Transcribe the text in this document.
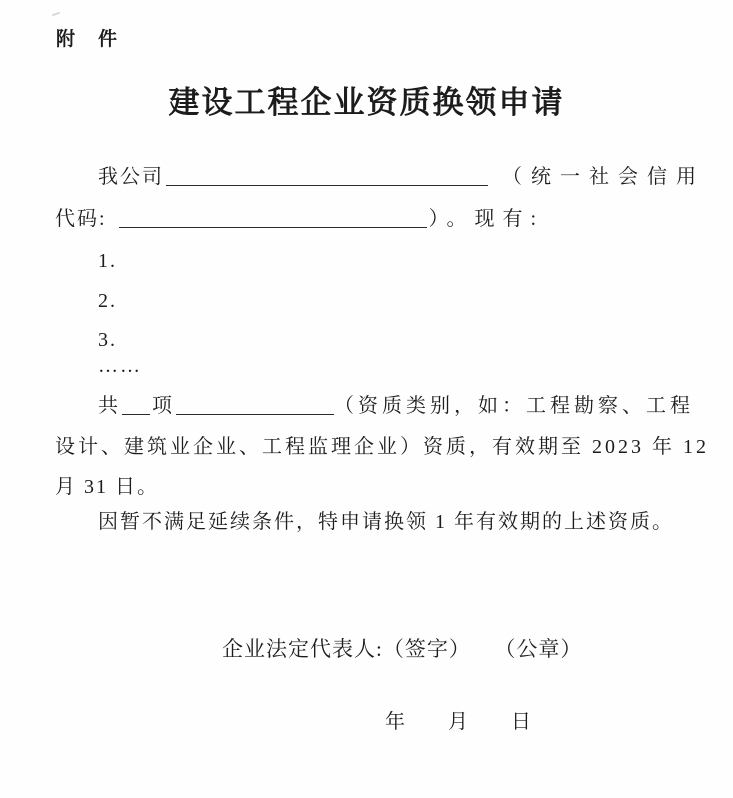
附　件
建设工程企业资质换领申请
我公司	（统一社会信用
代码:	）。现有:
1.
2.
3.
……
共 项	（资质类别，如：工程勘察、工程
设计、建筑业企业、工程监理企业）资质，有效期至 2023 年 12
月 31 日。
因暂不满足延续条件，特申请换领 1 年有效期的上述资质。
企业法定代表人:（签字） （公章）
年 月 日
